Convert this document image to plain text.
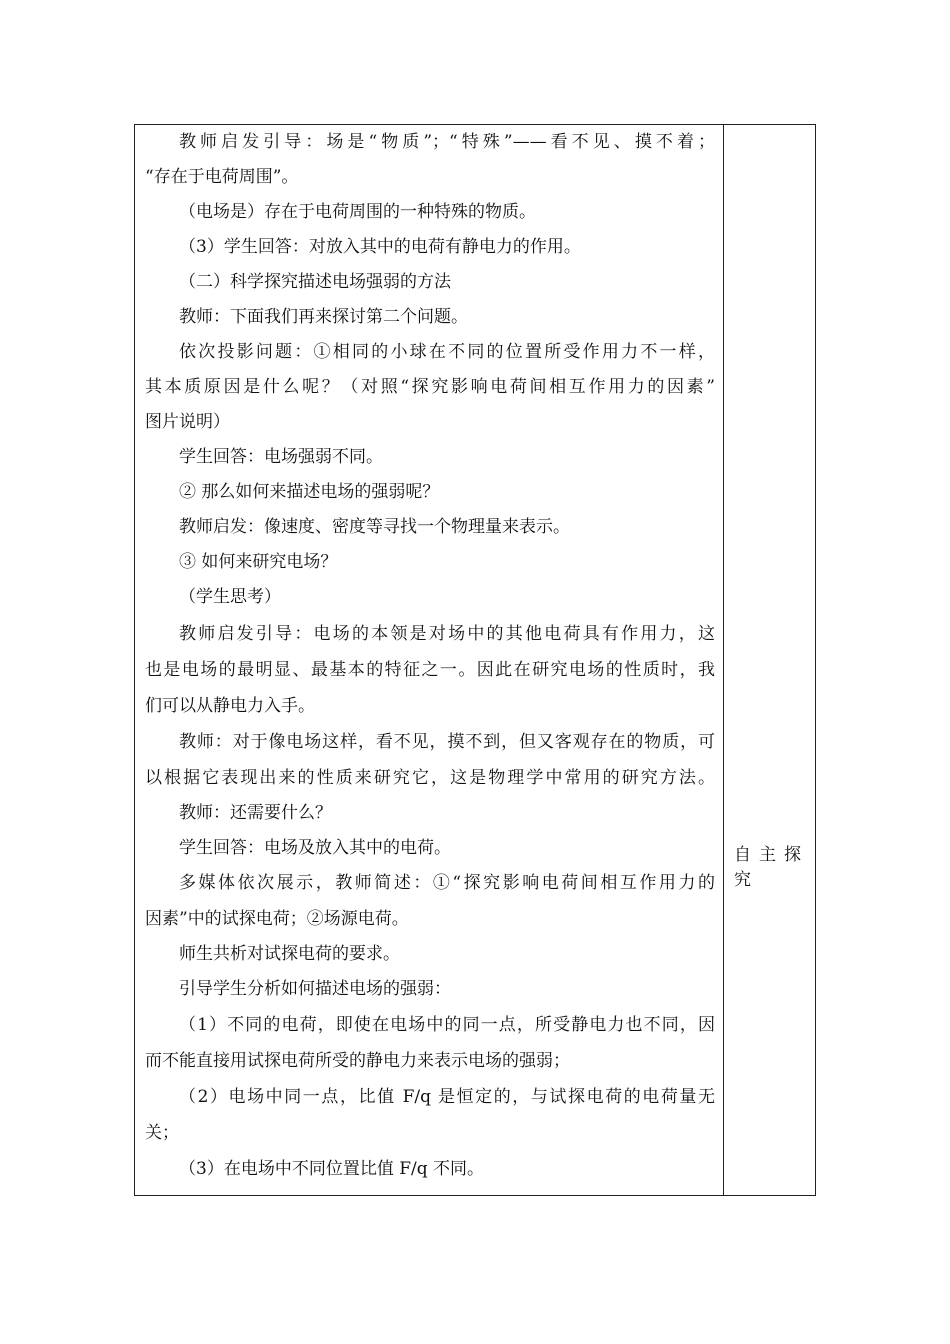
教师启发引导：场是“物质”；“特殊”——看不见、摸不着；
“存在于电荷周围”。
（电场是）存在于电荷周围的一种特殊的物质。
（3）学生回答：对放入其中的电荷有静电力的作用。
（二）科学探究描述电场强弱的方法
教师：下面我们再来探讨第二个问题。
依次投影问题：①相同的小球在不同的位置所受作用力不一样，
其本质原因是什么呢？（对照“探究影响电荷间相互作用力的因素”
图片说明）
学生回答：电场强弱不同。
② 那么如何来描述电场的强弱呢？
教师启发：像速度、密度等寻找一个物理量来表示。
③ 如何来研究电场？
（学生思考）
教师启发引导：电场的本领是对场中的其他电荷具有作用力，这
也是电场的最明显、最基本的特征之一。因此在研究电场的性质时，我
们可以从静电力入手。
教师：对于像电场这样，看不见，摸不到，但又客观存在的物质，可
以根据它表现出来的性质来研究它，这是物理学中常用的研究方法。
教师：还需要什么？
学生回答：电场及放入其中的电荷。
多媒体依次展示，教师简述：①“探究影响电荷间相互作用力的
因素”中的试探电荷；②场源电荷。
师生共析对试探电荷的要求。
引导学生分析如何描述电场的强弱：
（1）不同的电荷，即使在电场中的同一点，所受静电力也不同，因
而不能直接用试探电荷所受的静电力来表示电场的强弱；
（2）电场中同一点，比值 F/q 是恒定的，与试探电荷的电荷量无
关；
（3）在电场中不同位置比值 F/q 不同。
自主探究
